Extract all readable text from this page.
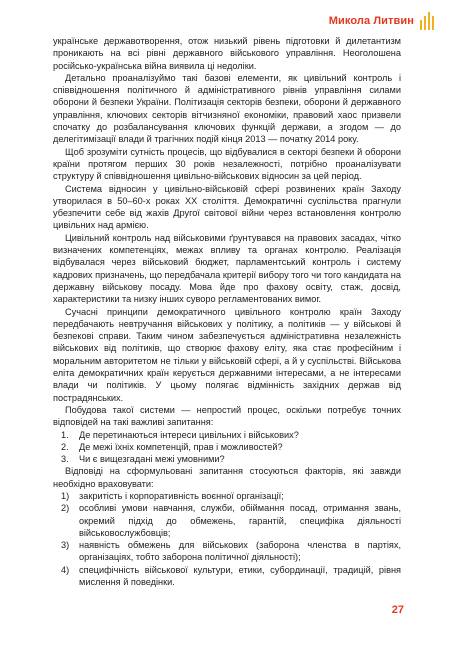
Микола Литвин

українське державотворення, отож низький рівень підготовки й дилетантизм проникають на всі рівні державного військового управління. Неоголошена російсько-українська війна виявила ці недоліки.

Детально проаналізуймо такі базові елементи, як цивільний контроль і співвідношення політичного й адміністративного рівнів управління силами оборони й безпеки України. Політизація секторів безпеки, оборони й державного управління, ключових секторів вітчизняної економіки, правовий хаос призвели спочатку до розбалансування ключових функцій держави, а згодом — до делегітимізації влади й трагічних подій кінця 2013 — початку 2014 року.

Щоб зрозуміти сутність процесів, що відбувалися в секторі безпеки й оборони країни протягом перших 30 років незалежності, потрібно проаналізувати структуру й співвідношення цивільно-військових відносин за цей період.

Система відносин у цивільно-військовій сфері розвинених країн Заходу утворилася в 50–60-х роках XX століття. Демократичні суспільства прагнули убезпечити себе від жахів Другої світової війни через встановлення контролю цивільних над армією.

Цивільний контроль над військовими ґрунтувався на правових засадах, чітко визначених компетенціях, межах впливу та органах контролю. Реалізація відбувалася через військовий бюджет, парламентський контроль і систему кадрових призначень, що передбачала критерії вибору того чи того кандидата на державну військову посаду. Мова йде про фахову освіту, стаж, досвід, характеристики та низку інших суворо регламентованих вимог.

Сучасні принципи демократичного цивільного контролю країн Заходу передбачають невтручання військових у політику, а політиків — у військові й безпекові справи. Таким чином забезпечується адміністративна незалежність військових від політиків, що створює фахову еліту, яка стає професійним і моральним авторитетом не тільки у військовій сфері, а й у суспільстві. Військова еліта демократичних країн керується державними інтересами, а не інтересами влади чи політиків. У цьому полягає відмінність західних держав від пострадянських.

Побудова такої системи — непростий процес, оскільки потребує точних відповідей на такі важливі запитання:

1.	Де перетинаються інтереси цивільних і військових?
2.	Де межі їхніх компетенцій, прав і можливостей?
3.	Чи є вищезгадані межі умовними?

Відповіді на сформульовані запитання стосуються факторів, які завжди необхідно враховувати:

1)	закритість і корпоративність воєнної організації;
2)	особливі умови навчання, служби, обіймання посад, отримання звань, окремий підхід до обмежень, гарантій, специфіка діяльності військовослужбовців;
3)	наявність обмежень для військових (заборона членства в партіях, організаціях, тобто заборона політичної діяльності);
4)	специфічність військової культури, етики, субординації, традицій, рівня мислення й поведінки.
27
